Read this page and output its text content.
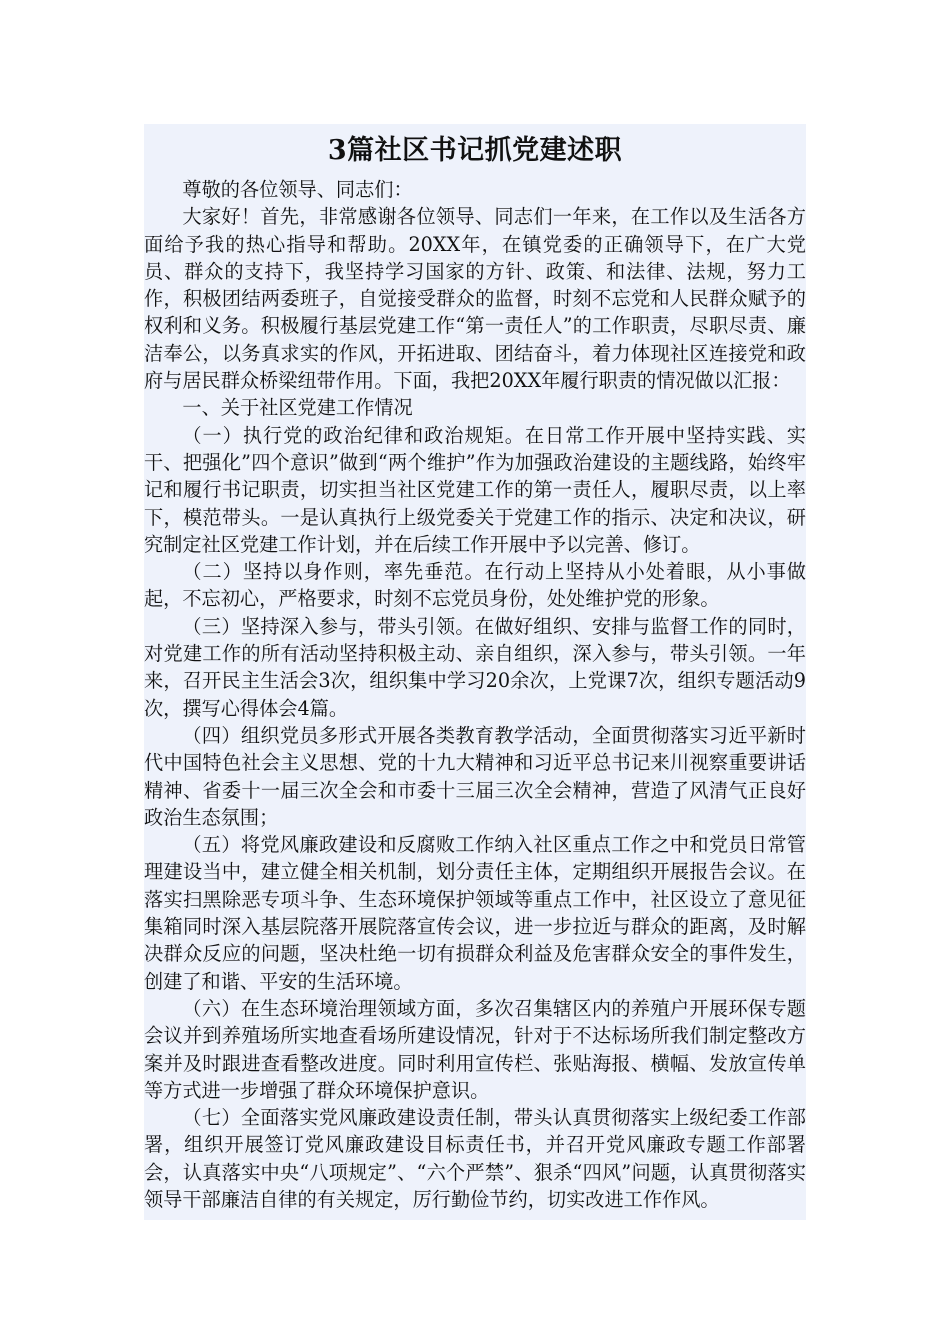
3篇社区书记抓党建述职

尊敬的各位领导、同志们：

大家好！首先，非常感谢各位领导、同志们一年来，在工作以及生活各方面给予我的热心指导和帮助。20XX年，在镇党委的正确领导下，在广大党员、群众的支持下，我坚持学习国家的方针、政策、和法律、法规，努力工作，积极团结两委班子，自觉接受群众的监督，时刻不忘党和人民群众赋予的权利和义务。积极履行基层党建工作“第一责任人”的工作职责，尽职尽责、廉洁奉公，以务真求实的作风，开拓进取、团结奋斗，着力体现社区连接党和政府与居民群众桥梁纽带作用。下面，我把20XX年履行职责的情况做以汇报：

一、关于社区党建工作情况

（一）执行党的政治纪律和政治规矩。在日常工作开展中坚持实践、实干、把强化”四个意识”做到“两个维护”作为加强政治建设的主题线路，始终牢记和履行书记职责，切实担当社区党建工作的第一责任人，履职尽责，以上率下，模范带头。一是认真执行上级党委关于党建工作的指示、决定和决议，研究制定社区党建工作计划，并在后续工作开展中予以完善、修订。

（二）坚持以身作则，率先垂范。在行动上坚持从小处着眼，从小事做起，不忘初心，严格要求，时刻不忘党员身份，处处维护党的形象。

（三）坚持深入参与，带头引领。在做好组织、安排与监督工作的同时，对党建工作的所有活动坚持积极主动、亲自组织，深入参与，带头引领。一年来，召开民主生活会3次，组织集中学习20余次，上党课7次，组织专题活动9次，撰写心得体会4篇。

（四）组织党员多形式开展各类教育教学活动，全面贯彻落实习近平新时代中国特色社会主义思想、党的十九大精神和习近平总书记来川视察重要讲话精神、省委十一届三次全会和市委十三届三次全会精神，营造了风清气正良好政治生态氛围；

（五）将党风廉政建设和反腐败工作纳入社区重点工作之中和党员日常管理建设当中，建立健全相关机制，划分责任主体，定期组织开展报告会议。在落实扫黑除恶专项斗争、生态环境保护领域等重点工作中，社区设立了意见征集箱同时深入基层院落开展院落宣传会议，进一步拉近与群众的距离，及时解决群众反应的问题，坚决杜绝一切有损群众利益及危害群众安全的事件发生，创建了和谐、平安的生活环境。

（六）在生态环境治理领域方面，多次召集辖区内的养殖户开展环保专题会议并到养殖场所实地查看场所建设情况，针对于不达标场所我们制定整改方案并及时跟进查看整改进度。同时利用宣传栏、张贴海报、横幅、发放宣传单等方式进一步增强了群众环境保护意识。

（七）全面落实党风廉政建设责任制，带头认真贯彻落实上级纪委工作部署，组织开展签订党风廉政建设目标责任书，并召开党风廉政专题工作部署会，认真落实中央“八项规定”、“六个严禁”、狠杀“四风”问题，认真贯彻落实领导干部廉洁自律的有关规定，厉行勤俭节约，切实改进工作作风。
